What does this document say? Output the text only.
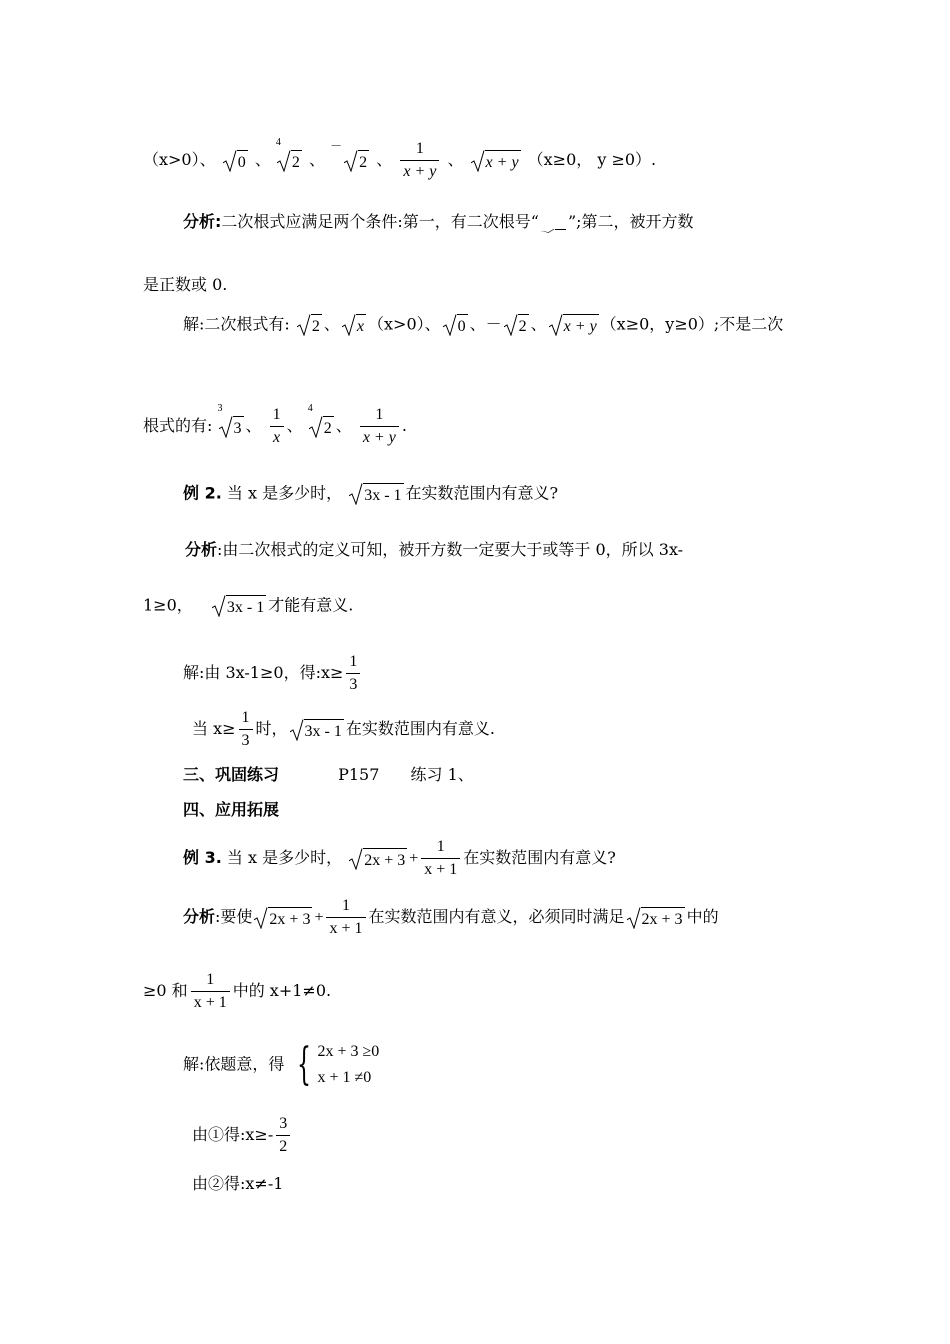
（x>0）、 0 、 $^4$
2 、 －
2 、 $\frac{1}{x + y}$ 、 x + y （x≥0， y ≥0）.
分析:二次根式应满足两个条件:第一，有二次根号“ ”;第二，被开方数
是正数或 0.
解:二次根式有: 2 、 x （x>0）、 0 、－ 2 、 x + y （x≥0，y≥0）;不是二次
根式的有: $^3$
3 、 $\frac{1}{x}$ 、 $^4$
2 、 $\frac{1}{x + y}$ .
例 2. 当 x 是多少时， 3x - 1 在实数范围内有意义?
分析:由二次根式的定义可知，被开方数一定要大于或等于 0，所以 3x-
1≥0， 3x - 1 才能有意义.
解:由 3x-1≥0，得:x≥ $\frac{1}{3}$
当 $x\ge \frac{1}{3}$ 时， 3x - 1 在实数范围内有意义.
三、巩固练习	P157 练习 1、
四、应用拓展
例 3. 当 x 是多少时， $2x + 3 + \frac{1}{x + 1}$ 在实数范围内有意义?
分析:要使 $2x + 3 + \frac{1}{x + 1}$ 在实数范围内有意义，必须同时满足 2x + 3 中的
≥0 和 $\frac{1}{x + 1}$ 中的 x+1≠0.
解:依题意，得 { 2x + 3 ≥0
x + 1 ≠0
由①得:x≥- $\frac{3}{2}$
由②得:x≠-1
